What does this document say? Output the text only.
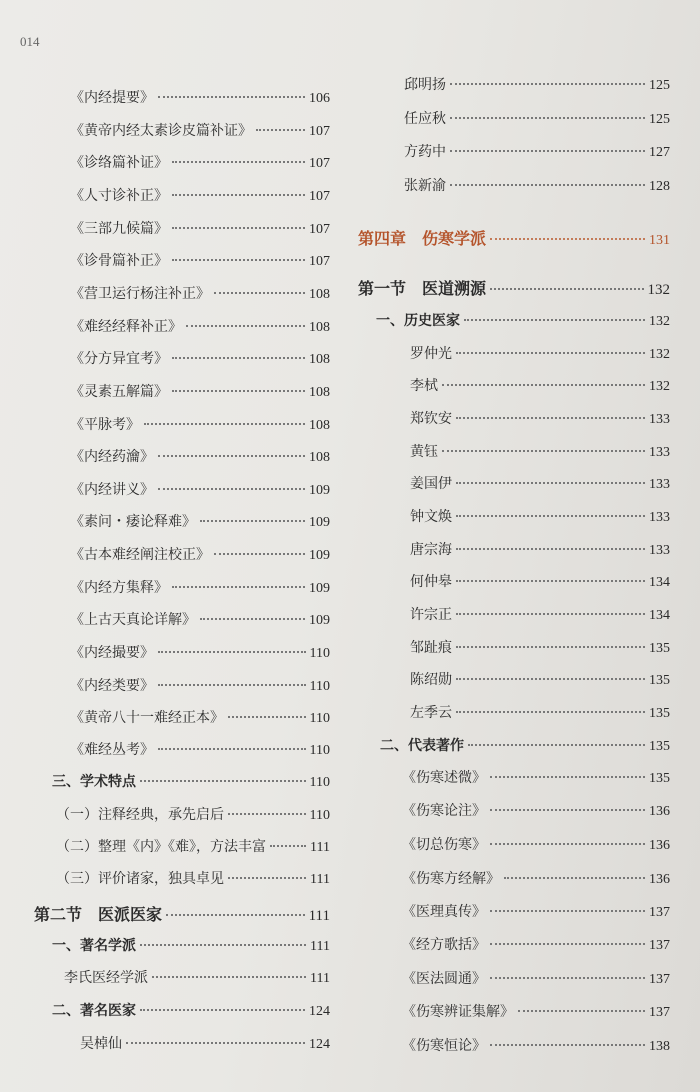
014
《内经提要》	106
《黄帝内经太素诊皮篇补证》	107
《诊络篇补证》	107
《人寸诊补正》	107
《三部九候篇》	107
《诊骨篇补正》	107
《营卫运行杨注补正》	108
《难经经释补正》	108
《分方异宜考》	108
《灵素五解篇》	108
《平脉考》	108
《内经药瀹》	108
《内经讲义》	109
《素问・痿论释难》	109
《古本难经阐注校正》	109
《内经方集释》	109
《上古天真论详解》	109
《内经撮要》	110
《内经类要》	110
《黄帝八十一难经正本》	110
《难经丛考》	110
三、学术特点	110
（一）注释经典，承先启后	110
（二）整理《内》《难》，方法丰富	111
（三）评价诸家，独具卓见	111
第二节　医派医家	111
一、著名学派	111
李氏医经学派	111
二、著名医家	124
吴棹仙	124
邱明扬	125
任应秋	125
方药中	127
张新渝	128
第四章　伤寒学派	131
第一节　医道溯源	132
一、历史医家	132
罗仲光	132
李栻	132
郑钦安	133
黄钰	133
姜国伊	133
钟文焕	133
唐宗海	133
何仲皋	134
许宗正	134
邹趾痕	135
陈绍勋	135
左季云	135
二、代表著作	135
《伤寒述微》	135
《伤寒论注》	136
《切总伤寒》	136
《伤寒方经解》	136
《医理真传》	137
《经方歌括》	137
《医法圆通》	137
《伤寒辨证集解》	137
《伤寒恒论》	138
